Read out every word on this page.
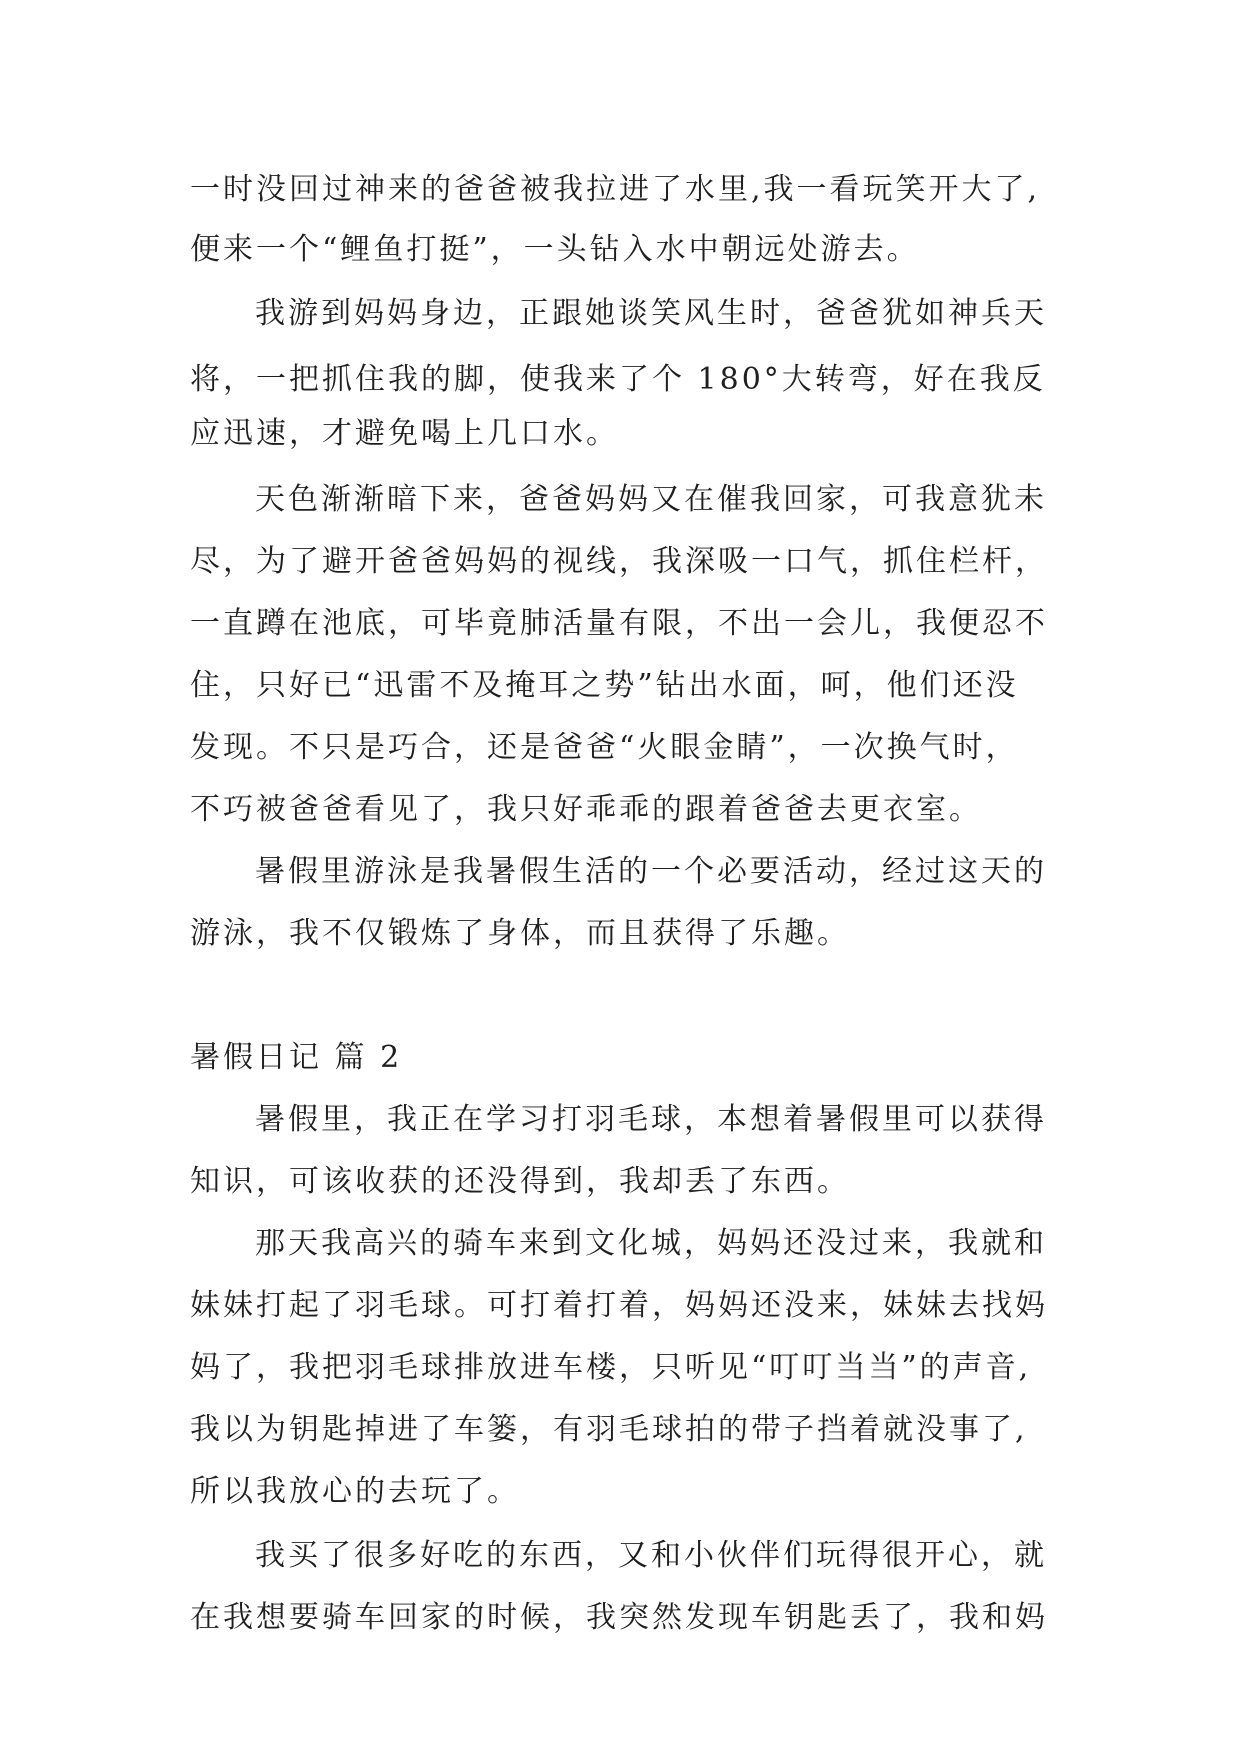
一时没回过神来的爸爸被我拉进了水里,我一看玩笑开大了,
便来一个“鲤鱼打挺”，一头钻入水中朝远处游去。
我游到妈妈身边，正跟她谈笑风生时，爸爸犹如神兵天
将，一把抓住我的脚，使我来了个 180°大转弯，好在我反
应迅速，才避免喝上几口水。
天色渐渐暗下来，爸爸妈妈又在催我回家，可我意犹未
尽，为了避开爸爸妈妈的视线，我深吸一口气，抓住栏杆，
一直蹲在池底，可毕竟肺活量有限，不出一会儿，我便忍不
住，只好已“迅雷不及掩耳之势”钻出水面，呵，他们还没
发现。不只是巧合，还是爸爸“火眼金睛”，一次换气时，
不巧被爸爸看见了，我只好乖乖的跟着爸爸去更衣室。
暑假里游泳是我暑假生活的一个必要活动，经过这天的
游泳，我不仅锻炼了身体，而且获得了乐趣。
暑假日记 篇 2
暑假里，我正在学习打羽毛球，本想着暑假里可以获得
知识，可该收获的还没得到，我却丢了东西。
那天我高兴的骑车来到文化城，妈妈还没过来，我就和
妹妹打起了羽毛球。可打着打着，妈妈还没来，妹妹去找妈
妈了，我把羽毛球排放进车楼，只听见“叮叮当当”的声音,
我以为钥匙掉进了车篓，有羽毛球拍的带子挡着就没事了,
所以我放心的去玩了。
我买了很多好吃的东西，又和小伙伴们玩得很开心，就
在我想要骑车回家的时候，我突然发现车钥匙丢了，我和妈
